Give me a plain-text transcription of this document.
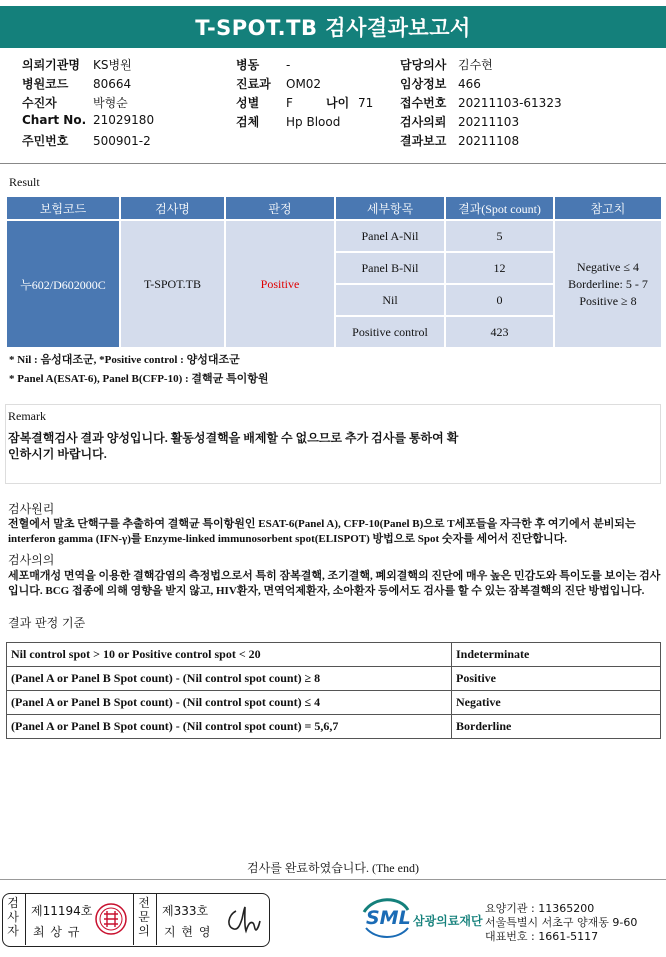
T-SPOT.TB 검사결과보고서
의뢰기관명 KS병원
병원코드 80664
수진자	박형순
Chart No. 21029180
주민번호 500901-2
병동 -
진료과 OM02
성별 F	나이 71
검체 Hp Blood
담당의사 김수현
임상정보 466
접수번호 20211103-61323
검사의뢰 20211103
결과보고 20211108
Result
보험코드	검사명	판정	세부항목	결과(Spot count)	참고치
누602/D602000C	T-SPOT.TB	Positive	Panel A-Nil	5	Negative ≤ 4
Borderline: 5 - 7
Positive ≥ 8

			Panel B-Nil	12	
			Nil	0	
			Positive control	423	
* Nil : 음성대조군, *Positive control : 양성대조군
* Panel A(ESAT-6), Panel B(CFP-10) : 결핵균 특이항원
Remark
잠복결핵검사 결과 양성입니다. 활동성결핵을 배제할 수 없으므로 추가 검사를 통하여 확인하시기 바랍니다.
검사원리
전혈에서 말초 단핵구를 추출하여 결핵균 특이항원인 ESAT-6(Panel A), CFP-10(Panel B)으로 T세포들을 자극한 후 여기에서 분비되는 interferon gamma (IFN-γ)를 Enzyme-linked immunosorbent spot(ELISPOT) 방법으로 Spot 숫자를 세어서 진단합니다.
검사의의
세포매개성 면역을 이용한 결핵감염의 측정법으로서 특히 잠복결핵, 조기결핵, 폐외결핵의 진단에 매우 높은 민감도와 특이도를 보이는 검사입니다. BCG 접종에 의해 영향을 받지 않고, HIV환자, 면역억제환자, 소아환자 등에서도 검사를 할 수 있는 잠복결핵의 진단 방법입니다.
결과 판정 기준
Nil control spot > 10 or Positive control spot < 20	Indeterminate
(Panel A or Panel B Spot count) - (Nil control spot count) ≥ 8	Positive
(Panel A or Panel B Spot count) - (Nil control spot count) ≤ 4	Negative
(Panel A or Panel B Spot count) - (Nil control spot count) = 5,6,7	Borderline
검사를 완료하였습니다. (The end)
검사자
제11194호
최 상 규
전문의
제333호
지 현 영
SML 삼광의료재단
요양기관 : 11365200
서울특별시 서초구 양재동 9-60
대표번호 : 1661-5117
